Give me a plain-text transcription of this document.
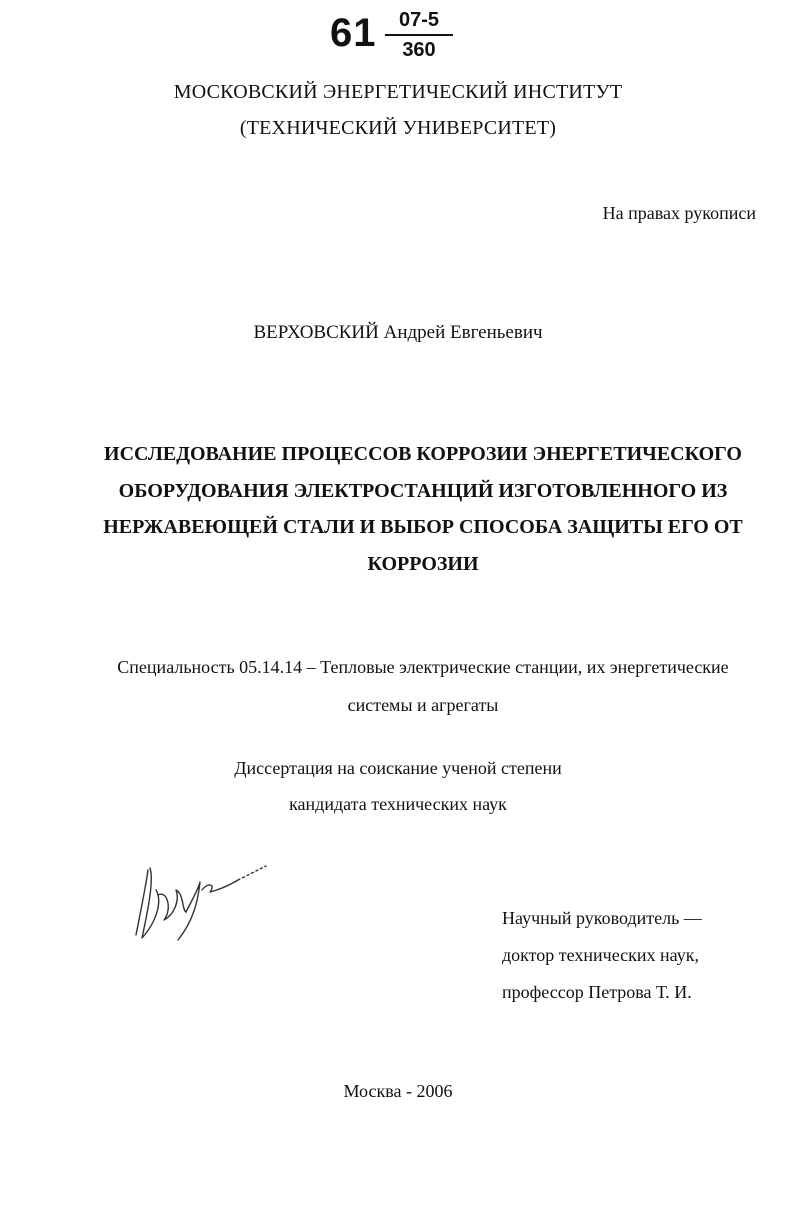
61	07-5
360
МОСКОВСКИЙ ЭНЕРГЕТИЧЕСКИЙ ИНСТИТУТ
(ТЕХНИЧЕСКИЙ УНИВЕРСИТЕТ)
На правах рукописи
ВЕРХОВСКИЙ Андрей Евгеньевич
ИССЛЕДОВАНИЕ ПРОЦЕССОВ КОРРОЗИИ ЭНЕРГЕТИЧЕСКОГО
ОБОРУДОВАНИЯ ЭЛЕКТРОСТАНЦИЙ ИЗГОТОВЛЕННОГО ИЗ
НЕРЖАВЕЮЩЕЙ СТАЛИ И ВЫБОР СПОСОБА ЗАЩИТЫ ЕГО ОТ
КОРРОЗИИ
Специальность 05.14.14 – Тепловые электрические станции, их энергетические
системы и агрегаты
Диссертация на соискание ученой степени
кандидата технических наук
Научный руководитель —
доктор технических наук,
профессор Петрова Т. И.
Москва - 2006
